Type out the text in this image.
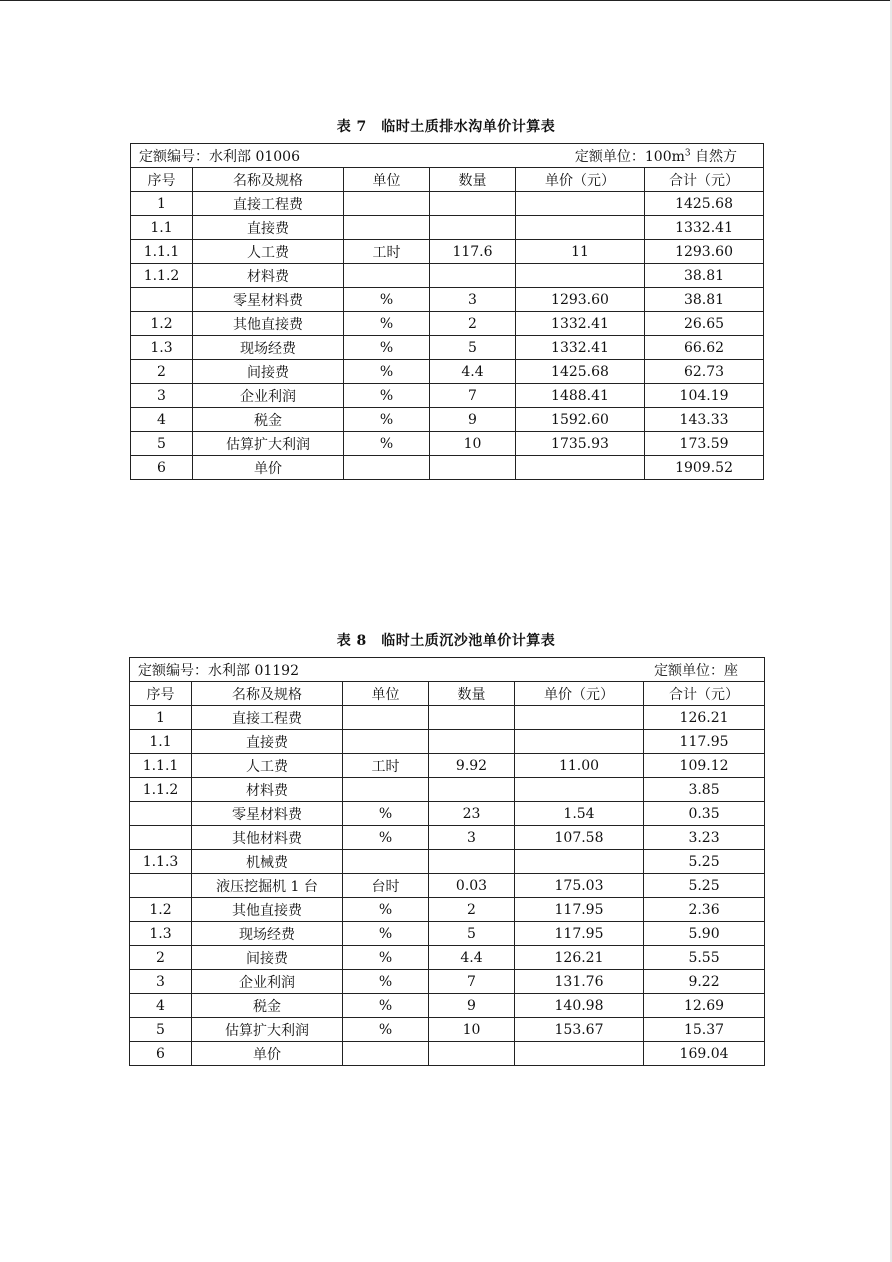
表 7　临时土质排水沟单价计算表
定额编号：水利部 01006 定额单位：$100m^3$ 自然方					

序号	名称及规格	单位	数量	单价（元）	合计（元）
1	直接工程费				1425.68
1.1	直接费				1332.41
1.1.1	人工费	工时	117.6	11	1293.60
1.1.2	材料费				38.81
	零星材料费	%	3	1293.60	38.81
1.2	其他直接费	%	2	1332.41	26.65
1.3	现场经费	%	5	1332.41	66.62
2	间接费	%	4.4	1425.68	62.73
3	企业利润	%	7	1488.41	104.19
4	税金	%	9	1592.60	143.33
5	估算扩大利润	%	10	1735.93	173.59
6	单价				1909.52
表 8　临时土质沉沙池单价计算表
定额编号：水利部 01192 定额单位：座					

序号	名称及规格	单位	数量	单价（元）	合计（元）
1	直接工程费				126.21
1.1	直接费				117.95
1.1.1	人工费	工时	9.92	11.00	109.12
1.1.2	材料费				3.85
	零星材料费	%	23	1.54	0.35
	其他材料费	%	3	107.58	3.23
1.1.3	机械费				5.25
	液压挖掘机 1 台	台时	0.03	175.03	5.25
1.2	其他直接费	%	2	117.95	2.36
1.3	现场经费	%	5	117.95	5.90
2	间接费	%	4.4	126.21	5.55
3	企业利润	%	7	131.76	9.22
4	税金	%	9	140.98	12.69
5	估算扩大利润	%	10	153.67	15.37
6	单价				169.04
